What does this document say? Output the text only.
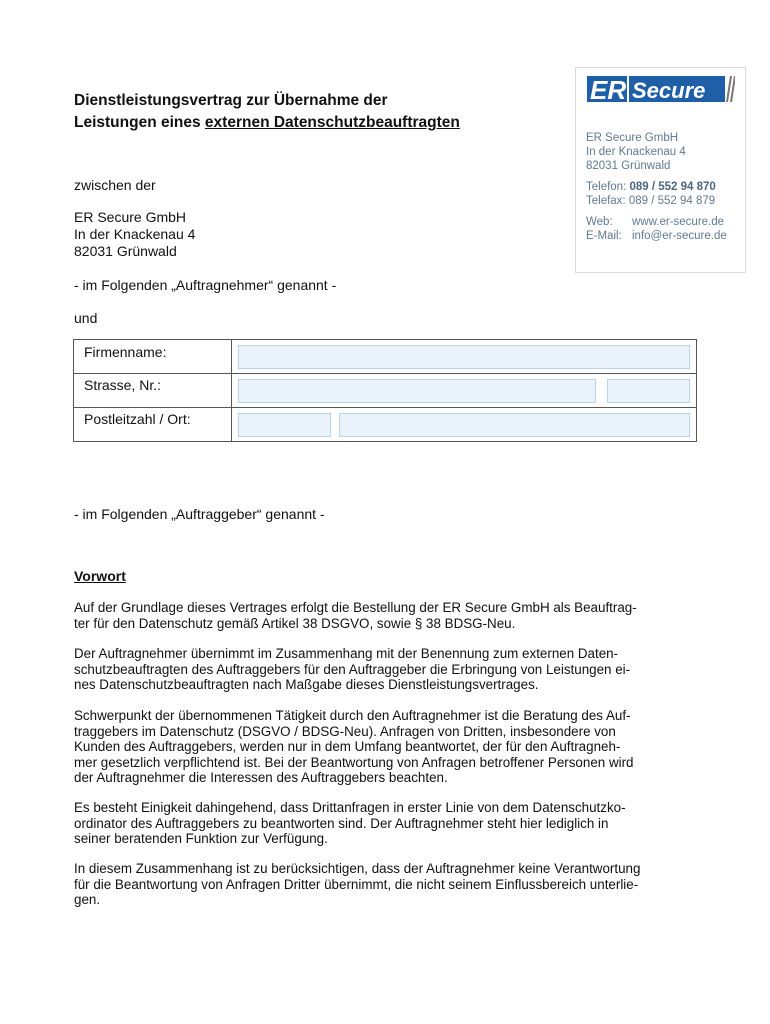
ER Secure
ER Secure GmbH
In der Knackenau 4
82031 Grünwald
Telefon: 089 / 552 94 870
Telefax: 089 / 552 94 879
Web: www.er-secure.de
E-Mail: info@er-secure.de
Dienstleistungsvertrag zur Übernahme der
Leistungen eines externen Datenschutzbeauftragten
zwischen der
ER Secure GmbH
In der Knackenau 4
82031 Grünwald
- im Folgenden „Auftragnehmer“ genannt -
und
Firmenname:
Strasse, Nr.:
Postleitzahl / Ort:
- im Folgenden „Auftraggeber“ genannt -
Vorwort
Auf der Grundlage dieses Vertrages erfolgt die Bestellung der ER Secure GmbH als Beauftrag-
ter für den Datenschutz gemäß Artikel 38 DSGVO, sowie § 38 BDSG-Neu.
Der Auftragnehmer übernimmt im Zusammenhang mit der Benennung zum externen Daten-
schutzbeauftragten des Auftraggebers für den Auftraggeber die Erbringung von Leistungen ei-
nes Datenschutzbeauftragten nach Maßgabe dieses Dienstleistungsvertrages.
Schwerpunkt der übernommenen Tätigkeit durch den Auftragnehmer ist die Beratung des Auf-
traggebers im Datenschutz (DSGVO / BDSG-Neu). Anfragen von Dritten, insbesondere von
Kunden des Auftraggebers, werden nur in dem Umfang beantwortet, der für den Auftragneh-
mer gesetzlich verpflichtend ist. Bei der Beantwortung von Anfragen betroffener Personen wird
der Auftragnehmer die Interessen des Auftraggebers beachten.
Es besteht Einigkeit dahingehend, dass Drittanfragen in erster Linie von dem Datenschutzko-
ordinator des Auftraggebers zu beantworten sind. Der Auftragnehmer steht hier lediglich in
seiner beratenden Funktion zur Verfügung.
In diesem Zusammenhang ist zu berücksichtigen, dass der Auftragnehmer keine Verantwortung
für die Beantwortung von Anfragen Dritter übernimmt, die nicht seinem Einflussbereich unterlie-
gen.
